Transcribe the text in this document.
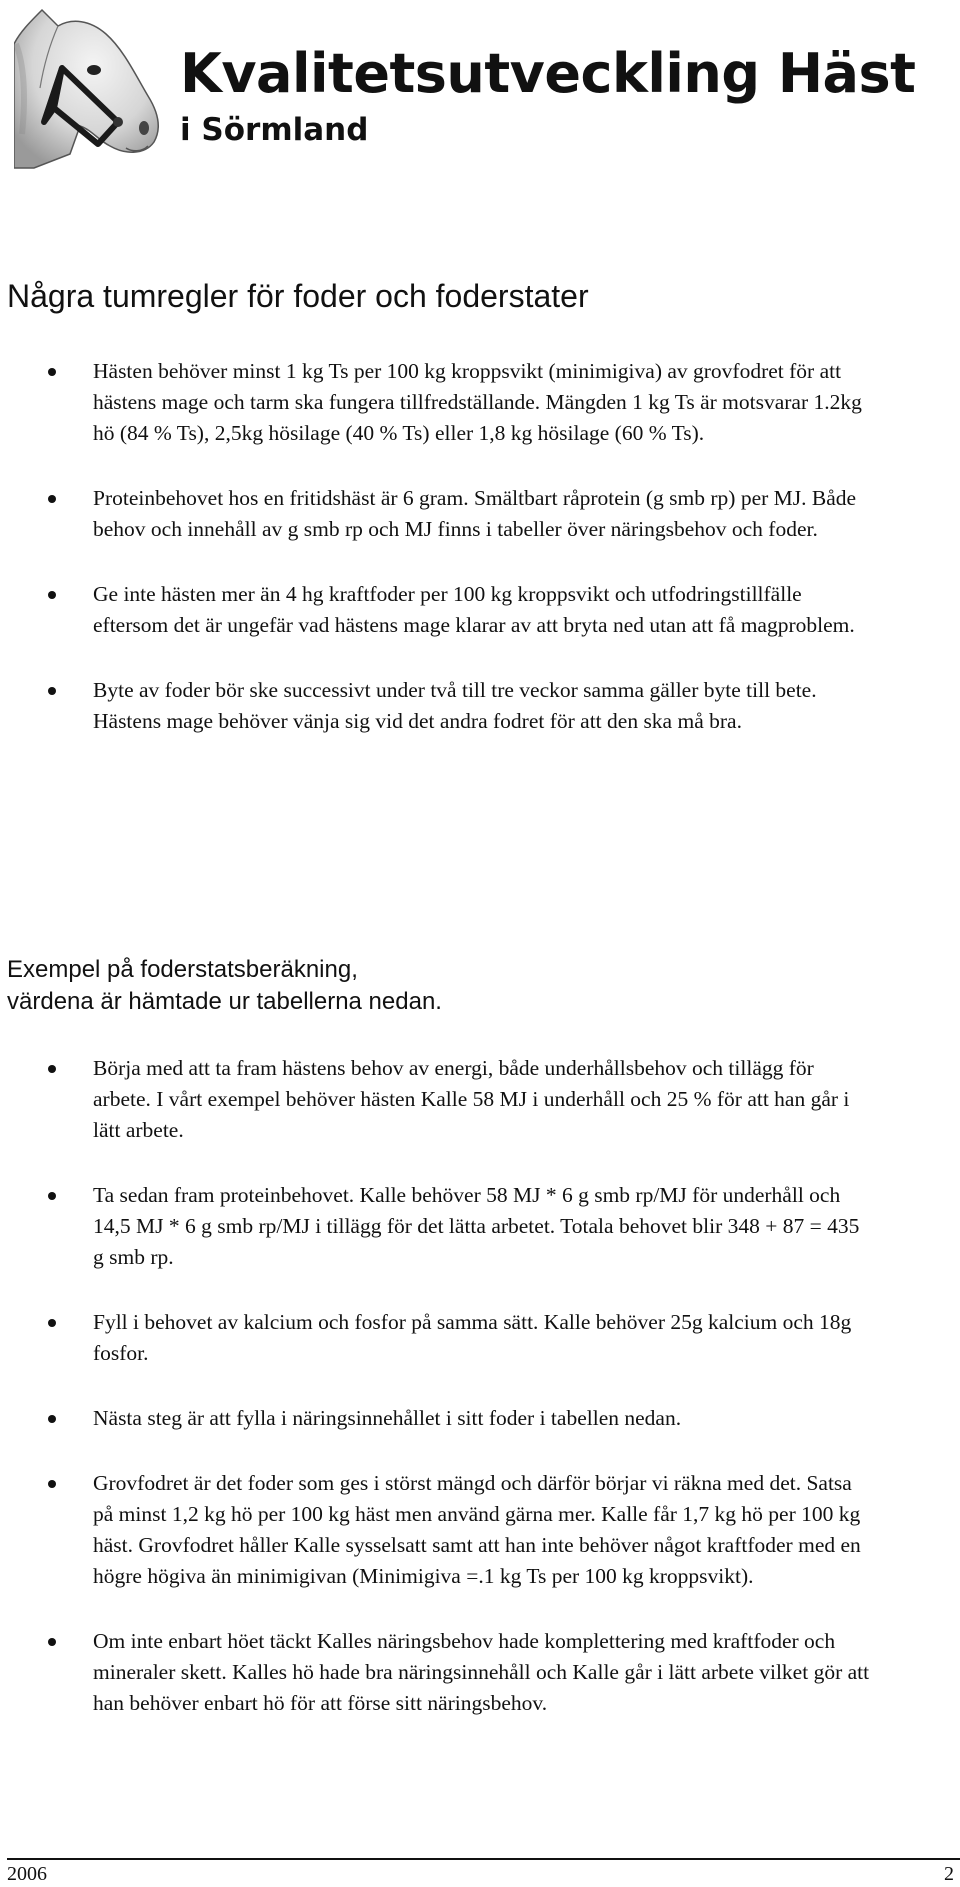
Kvalitetsutveckling Häst
i Sörmland
Några tumregler för foder och foderstater
Hästen behöver minst 1 kg Ts per 100 kg kroppsvikt (minimigiva) av grovfodret för att hästens mage och tarm ska fungera tillfredställande. Mängden 1 kg Ts är motsvarar 1.2kg hö (84 % Ts), 2,5kg hösilage (40 % Ts) eller 1,8 kg hösilage (60 % Ts).
Proteinbehovet hos en fritidshäst är 6 gram. Smältbart råprotein (g smb rp) per MJ. Både behov och innehåll av g smb rp och MJ finns i tabeller över näringsbehov och foder.
Ge inte hästen mer än 4 hg kraftfoder per 100 kg kroppsvikt och utfodringstillfälle eftersom det är ungefär vad hästens mage klarar av att bryta ned utan att få magproblem.
Byte av foder bör ske successivt under två till tre veckor samma gäller byte till bete. Hästens mage behöver vänja sig vid det andra fodret för att den ska må bra.
Exempel på foderstatsberäkning,
värdena är hämtade ur tabellerna nedan.
Börja med att ta fram hästens behov av energi, både underhållsbehov och tillägg för arbete. I vårt exempel behöver hästen Kalle 58 MJ i underhåll och 25 % för att han går i lätt arbete.
Ta sedan fram proteinbehovet. Kalle behöver 58 MJ * 6 g smb rp/MJ för underhåll och 14,5 MJ * 6 g smb rp/MJ i tillägg för det lätta arbetet. Totala behovet blir 348 + 87 = 435 g smb rp.
Fyll i behovet av kalcium och fosfor på samma sätt. Kalle behöver 25g kalcium och 18g fosfor.
Nästa steg är att fylla i näringsinnehållet i sitt foder i tabellen nedan.
Grovfodret är det foder som ges i störst mängd och därför börjar vi räkna med det. Satsa på minst 1,2 kg hö per 100 kg häst men använd gärna mer. Kalle får 1,7 kg hö per 100 kg häst. Grovfodret håller Kalle sysselsatt samt att han inte behöver något kraftfoder med en högre högiva än minimigivan (Minimigiva =.1 kg Ts per 100 kg kroppsvikt).
Om inte enbart höet täckt Kalles näringsbehov hade komplettering med kraftfoder och mineraler skett. Kalles hö hade bra näringsinnehåll och Kalle går i lätt arbete vilket gör att han behöver enbart hö för att förse sitt näringsbehov.
2006	2
